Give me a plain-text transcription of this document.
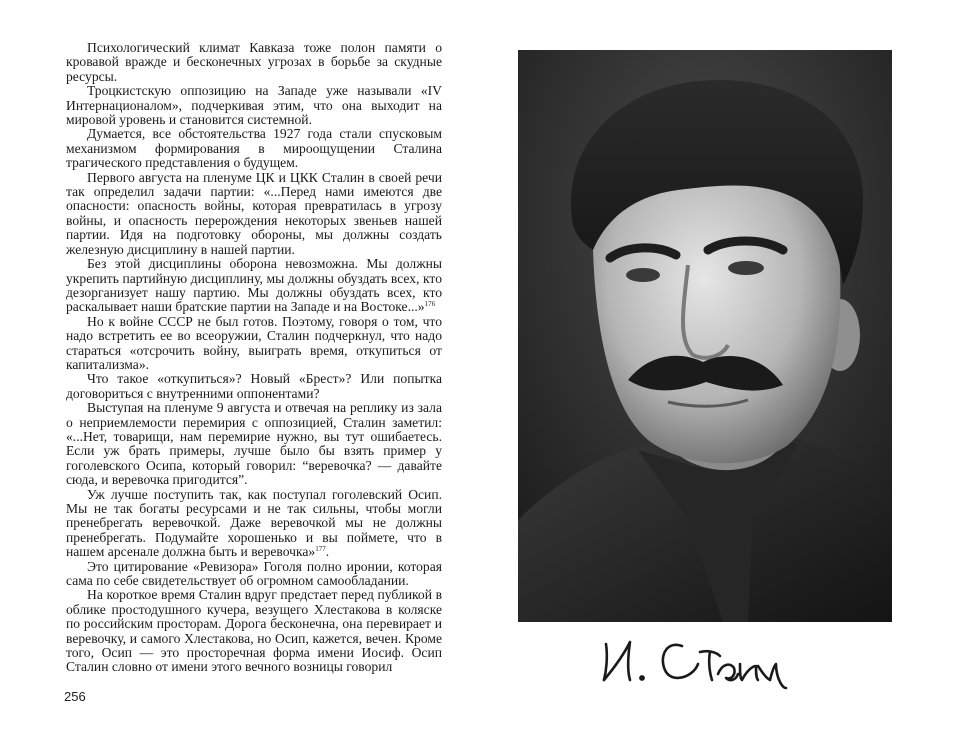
Психологический климат Кавказа тоже полон памяти о кровавой вражде и бесконечных угрозах в борьбе за скудные ресурсы.

Троцкистскую оппозицию на Западе уже называли «IV Интернационалом», подчеркивая этим, что она выходит на мировой уровень и становится системной.

Думается, все обстоятельства 1927 года стали спусковым механизмом формирования в мироощущении Сталина трагического представления о будущем.

Первого августа на пленуме ЦК и ЦКК Сталин в своей речи так определил задачи партии: «...Перед нами имеются две опасности: опасность войны, которая превратилась в угрозу войны, и опасность перерождения некоторых звеньев нашей партии. Идя на подготовку обороны, мы должны создать железную дисциплину в нашей партии.

Без этой дисциплины оборона невозможна. Мы должны укрепить партийную дисциплину, мы должны обуздать всех, кто дезорганизует нашу партию. Мы должны обуздать всех, кто раскалывает наши братские партии на Западе и на Востоке...»$^{176}$

Но к войне СССР не был готов. Поэтому, говоря о том, что надо встретить ее во всеоружии, Сталин подчеркнул, что надо стараться «отсрочить войну, выиграть время, откупиться от капитализма».

Что такое «откупиться»? Новый «Брест»? Или попытка договориться с внутренними оппонентами?

Выступая на пленуме 9 августа и отвечая на реплику из зала о неприемлемости перемирия с оппозицией, Сталин заметил: «...Нет, товарищи, нам перемирие нужно, вы тут ошибаетесь. Если уж брать примеры, лучше было бы взять пример у гоголевского Осипа, который говорил: “веревочка? — давайте сюда, и веревочка пригодится”.

Уж лучше поступить так, как поступал гоголевский Осип. Мы не так богаты ресурсами и не так сильны, чтобы могли пренебрегать веревочкой. Даже веревочкой мы не должны пренебрегать. Подумайте хорошенько и вы поймете, что в нашем арсенале должна быть и веревочка»$^{177}$.

Это цитирование «Ревизора» Гоголя полно иронии, которая сама по себе свидетельствует об огромном самообладании.

На короткое время Сталин вдруг предстает перед публикой в облике простодушного кучера, везущего Хлестакова в коляске по российским просторам. Дорога бесконечна, она перевирает и веревочку, и самого Хлестакова, но Осип, кажется, вечен. Кроме того, Осип — это просторечная форма имени Иосиф. Осип Сталин словно от имени этого вечного возницы говорил

256
